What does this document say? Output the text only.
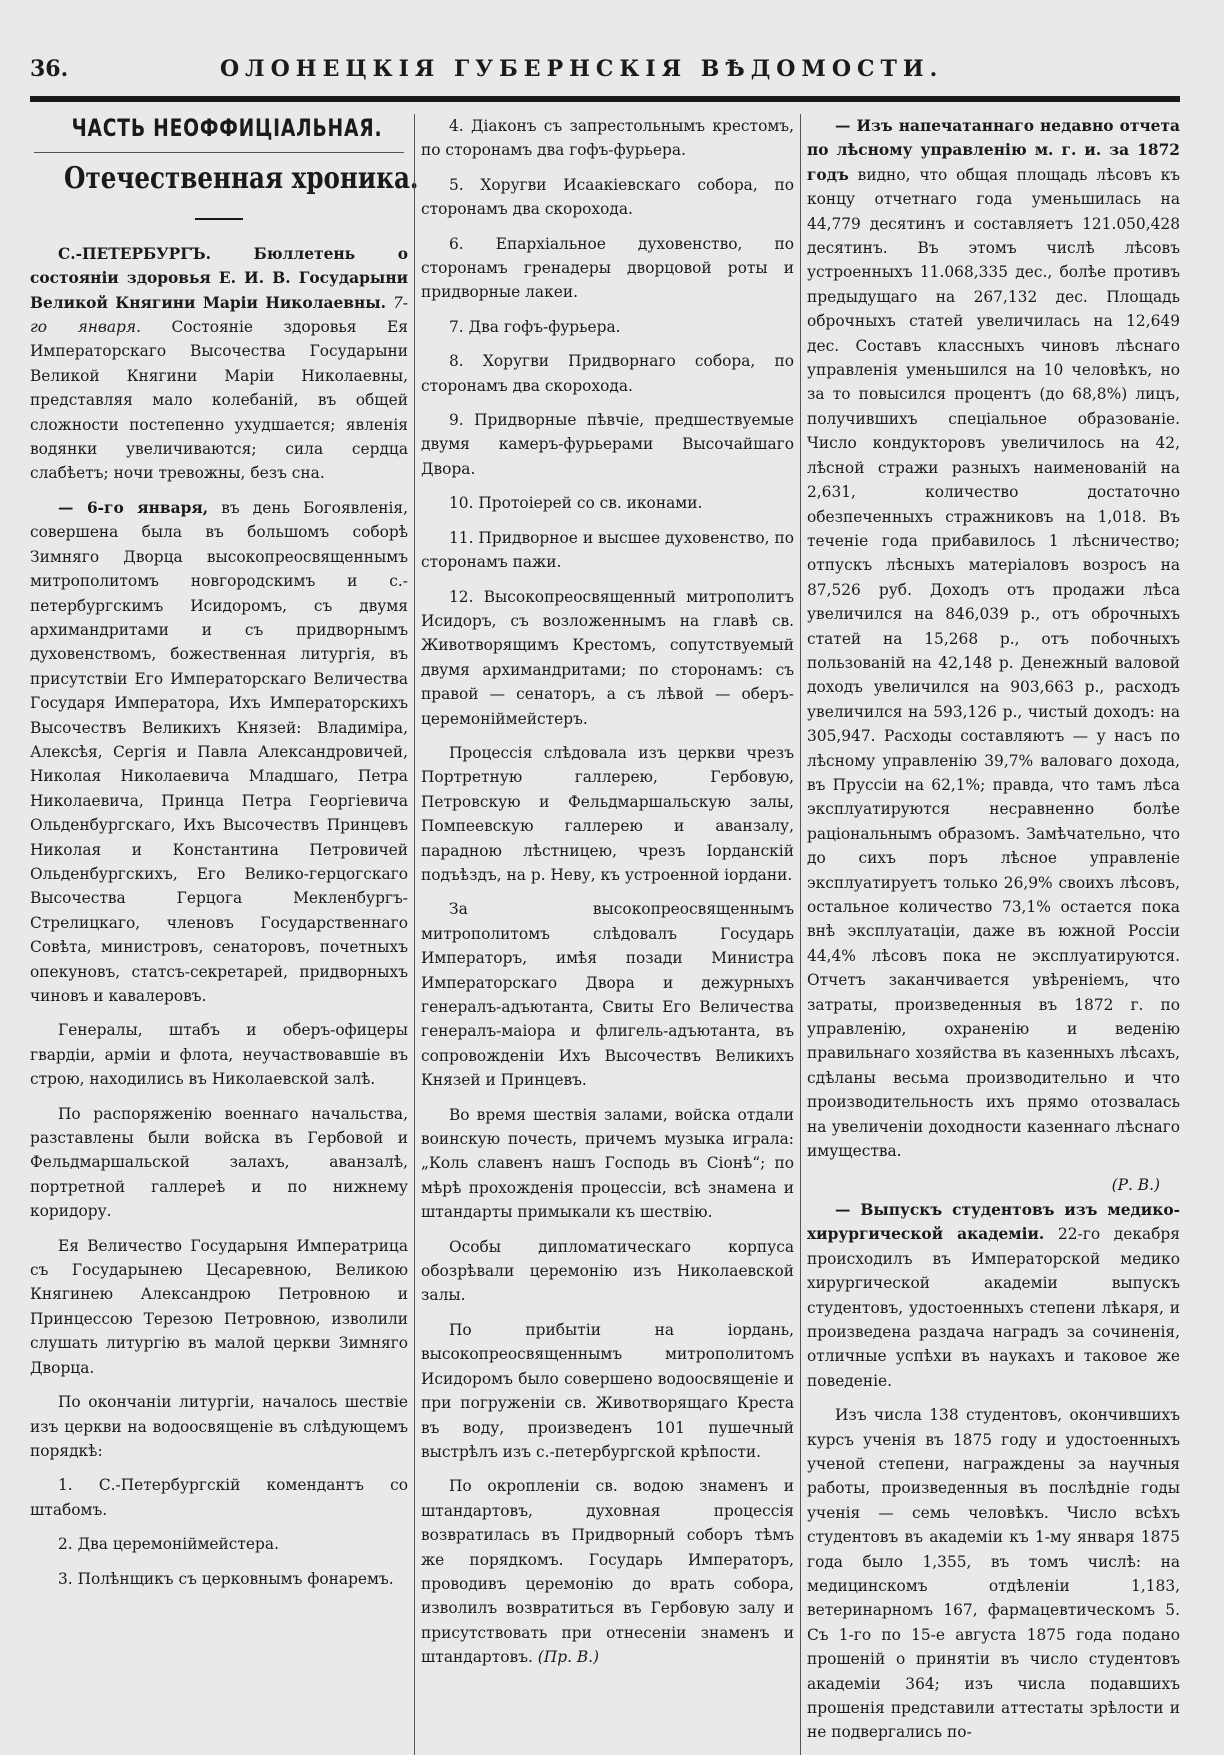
36.	ОЛОНЕЦКІЯ ГУБЕРНСКІЯ ВѢДОМОСТИ.
ЧАСТЬ НЕОФФИЦІАЛЬНАЯ.
Отечественная хроника.

С.-ПЕТЕРБУРГЪ. Бюллетень о состояніи здоровья Е. И. В. Государыни Великой Княгини Маріи Николаевны. 7-го января. Состояніе здоровья Ея Императорскаго Высочества Государыни Великой Княгини Маріи Николаевны, представляя мало колебаній, въ общей сложности постепенно ухудшается; явленія водянки увеличиваются; сила сердца слабѣетъ; ночи тревожны, безъ сна.

— 6-го января, въ день Богоявленія, совершена была въ большомъ соборѣ Зимняго Дворца высокопреосвященнымъ митрополитомъ новгородскимъ и с.-петербургскимъ Исидоромъ, съ двумя архимандритами и съ придворнымъ духовенствомъ, божественная литургія, въ присутствіи Его Императорскаго Величества Государя Императора, Ихъ Императорскихъ Высочествъ Великихъ Князей: Владиміра, Алексѣя, Сергія и Павла Александровичей, Николая Николаевича Младшаго, Петра Николаевича, Принца Петра Георгіевича Ольденбургскаго, Ихъ Высочествъ Принцевъ Николая и Константина Петровичей Ольденбургскихъ, Его Велико-герцогскаго Высочества Герцога Мекленбургъ-Стрелицкаго, членовъ Государственнаго Совѣта, министровъ, сенаторовъ, почетныхъ опекуновъ, статсъ-секретарей, придворныхъ чиновъ и кавалеровъ.

Генералы, штабъ и оберъ-офицеры гвардіи, арміи и флота, неучаствовавшіе въ строю, находились въ Николаевской залѣ.

По распоряженію военнаго начальства, разставлены были войска въ Гербовой и Фельдмаршальской залахъ, аванзалѣ, портретной галлереѣ и по нижнему коридору.

Ея Величество Государыня Императрица съ Государынею Цесаревною, Великою Княгинею Александрою Петровною и Принцессою Терезою Петровною, изволили слушать литургію въ малой церкви Зимняго Дворца.

По окончаніи литургіи, началось шествіе изъ церкви на водоосвященіе въ слѣдующемъ порядкѣ:

1. С.-Петербургскій комендантъ со штабомъ.

2. Два церемоніймейстера.

3. Полѣнщикъ съ церковнымъ фонаремъ.

4. Діаконъ съ запрестольнымъ крестомъ, по сторонамъ два гофъ-фурьера.

5. Хоругви Исаакіевскаго собора, по сторонамъ два скорохода.

6. Епархіальное духовенство, по сторонамъ гренадеры дворцовой роты и придворные лакеи.

7. Два гофъ-фурьера.

8. Хоругви Придворнаго собора, по сторонамъ два скорохода.

9. Придворные пѣвчіе, предшествуемые двумя камеръ-фурьерами Высочайшаго Двора.

10. Протоіерей со св. иконами.

11. Придворное и высшее духовенство, по сторонамъ пажи.

12. Высокопреосвященный митрополитъ Исидоръ, съ возложеннымъ на главѣ св. Животворящимъ Крестомъ, сопутствуемый двумя архимандритами; по сторонамъ: съ правой — сенаторъ, а съ лѣвой — оберъ-церемоніймейстеръ.

Процессія слѣдовала изъ церкви чрезъ Портретную галлерею, Гербовую, Петровскую и Фельдмаршальскую залы, Помпеевскую галлерею и аванзалу, парадною лѣстницею, чрезъ Іорданскій подъѣздъ, на р. Неву, къ устроенной іордани.

За высокопреосвященнымъ митрополитомъ слѣдовалъ Государь Императоръ, имѣя позади Министра Императорскаго Двора и дежурныхъ генералъ-адъютанта, Свиты Его Величества генералъ-маіора и флигель-адъютанта, въ сопровожденіи Ихъ Высочествъ Великихъ Князей и Принцевъ.

Во время шествія залами, войска отдали воинскую почесть, причемъ музыка играла: „Коль славенъ нашъ Господь въ Сіонѣ“; по мѣрѣ прохожденія процессіи, всѣ знамена и штандарты примыкали къ шествію.

Особы дипломатическаго корпуса обозрѣвали церемонію изъ Николаевской залы.

По прибытіи на іордань, высокопреосвященнымъ митрополитомъ Исидоромъ было совершено водоосвященіе и при погруженіи св. Животворящаго Креста въ воду, произведенъ 101 пушечный выстрѣлъ изъ с.-петербургской крѣпости.

По окропленіи св. водою знаменъ и штандартовъ, духовная процессія возвратилась въ Придворный соборъ тѣмъ же порядкомъ. Государь Императоръ, проводивъ церемонію до врать собора, изволилъ возвратиться въ Гербовую залу и присутствовать при отнесеніи знаменъ и штандартовъ. (Пр. В.)

— Изъ напечатаннаго недавно отчета по лѣсному управленію м. г. и. за 1872 годъ видно, что общая площадь лѣсовъ къ концу отчетнаго года уменьшилась на 44,779 десятинъ и составляетъ 121.050,428 десятинъ. Въ этомъ числѣ лѣсовъ устроенныхъ 11.068,335 дес., болѣе противъ предыдущаго на 267,132 дес. Площадь оброчныхъ статей увеличилась на 12,649 дес. Составъ классныхъ чиновъ лѣснаго управленія уменьшился на 10 человѣкъ, но за то повысился процентъ (до 68,8%) лицъ, получившихъ спеціальное образованіе. Число кондукторовъ увеличилось на 42, лѣсной стражи разныхъ наименованій на 2,631, количество достаточно обезпеченныхъ стражниковъ на 1,018. Въ теченіе года прибавилось 1 лѣсничество; отпускъ лѣсныхъ матеріаловъ возросъ на 87,526 руб. Доходъ отъ продажи лѣса увеличился на 846,039 р., отъ оброчныхъ статей на 15,268 р., отъ побочныхъ пользованій на 42,148 р. Денежный валовой доходъ увеличился на 903,663 р., расходъ увеличился на 593,126 р., чистый доходъ: на 305,947. Расходы составляютъ — у насъ по лѣсному управленію 39,7% валоваго дохода, въ Пруссіи на 62,1%; правда, что тамъ лѣса эксплуатируются несравненно болѣе раціональнымъ образомъ. Замѣчательно, что до сихъ поръ лѣсное управленіе эксплуатируетъ только 26,9% своихъ лѣсовъ, остальное количество 73,1% остается пока внѣ эксплуатаціи, даже въ южной Россіи 44,4% лѣсовъ пока не эксплуатируются. Отчетъ заканчивается увѣреніемъ, что затраты, произведенныя въ 1872 г. по управленію, охраненію и веденію правильнаго хозяйства въ казенныхъ лѣсахъ, сдѣланы весьма производительно и что производительность ихъ прямо отозвалась на увеличеніи доходности казеннаго лѣснаго имущества.

(Р. В.)

— Выпускъ студентовъ изъ медико-хирургической академіи. 22-го декабря происходилъ въ Императорской медико хирургической академіи выпускъ студентовъ, удостоенныхъ степени лѣкаря, и произведена раздача наградъ за сочиненія, отличные успѣхи въ наукахъ и таковое же поведеніе.

Изъ числа 138 студентовъ, окончившихъ курсъ ученія въ 1875 году и удостоенныхъ ученой степени, награждены за научныя работы, произведенныя въ послѣдніе годы ученія — семь человѣкъ. Число всѣхъ студентовъ въ академіи къ 1-му января 1875 года было 1,355, въ томъ числѣ: на медицинскомъ отдѣленіи 1,183, ветеринарномъ 167, фармацевтическомъ 5. Съ 1-го по 15-е августа 1875 года подано прошеній о принятіи въ число студентовъ академіи 364; изъ числа подавшихъ прошенія представили аттестаты зрѣлости и не подвергались по-
